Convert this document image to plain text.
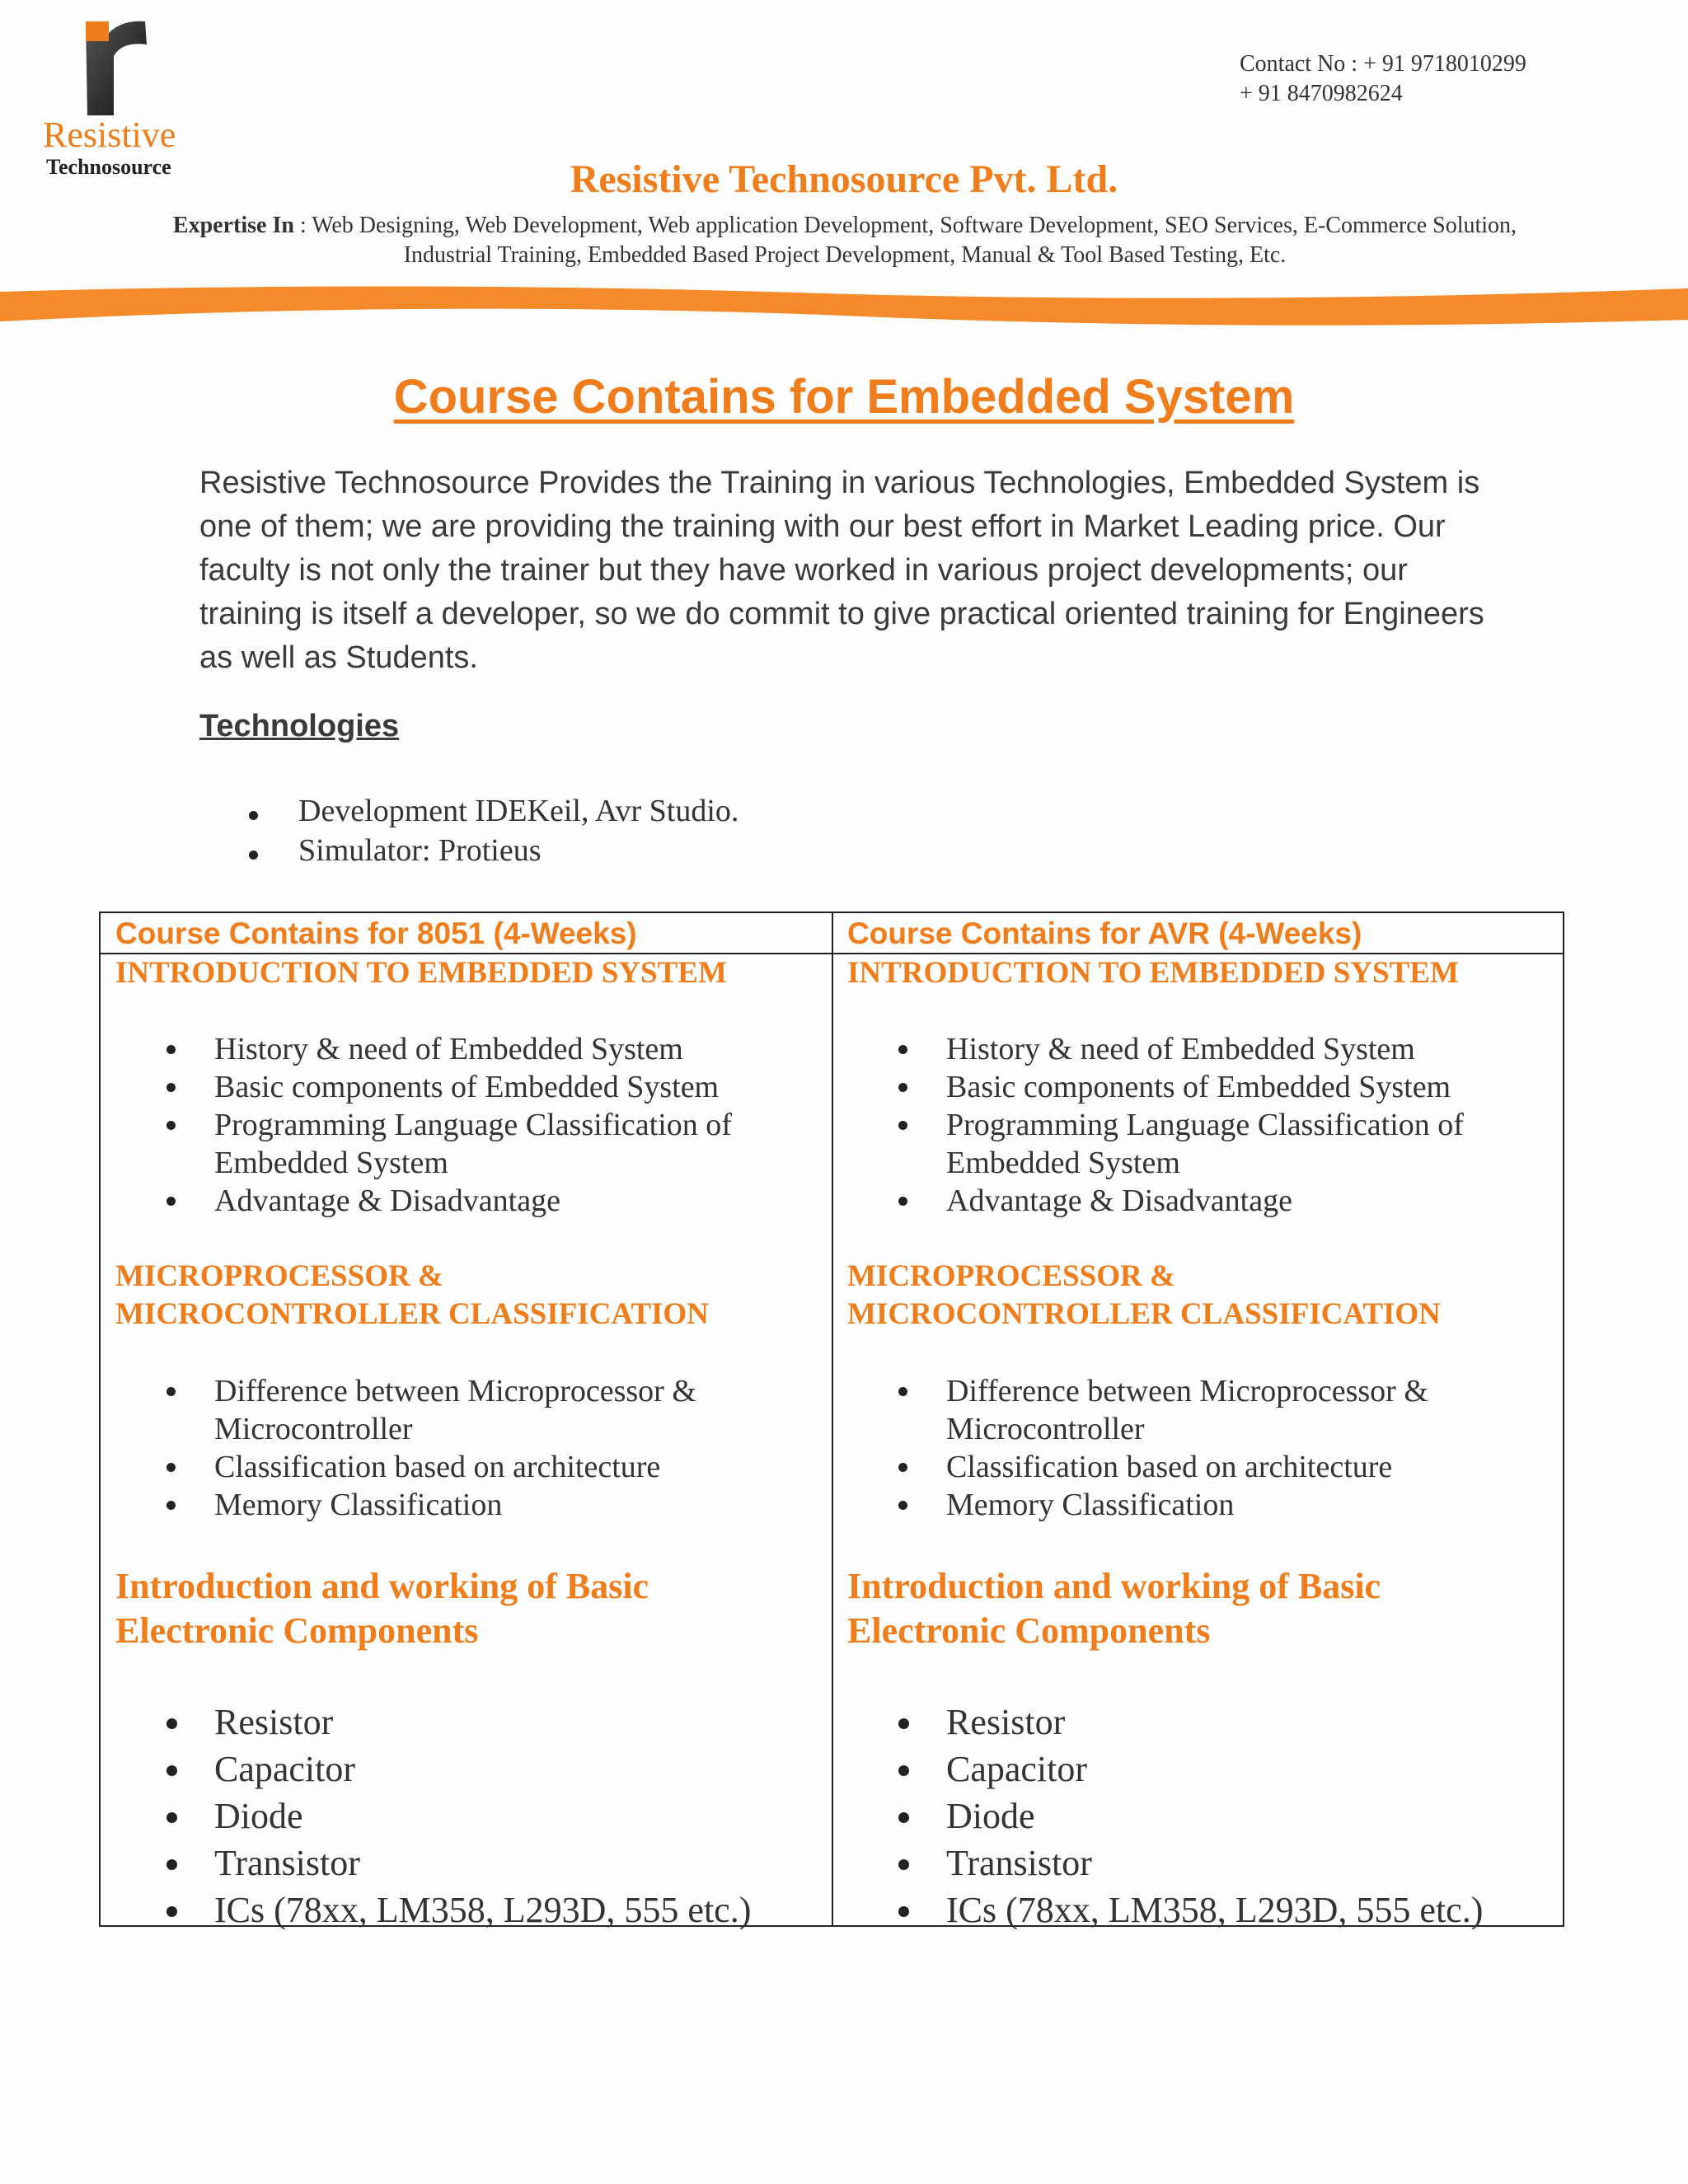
Resistive
Technosource
Contact No : + 91 9718010299
+ 91 8470982624
Resistive Technosource Pvt. Ltd.
Expertise In : Web Designing, Web Development, Web application Development, Software Development, SEO Services, E-Commerce Solution,
Industrial Training, Embedded Based Project Development, Manual & Tool Based Testing, Etc.
Course Contains for Embedded System
Resistive Technosource Provides the Training in various Technologies, Embedded System is one of them; we are providing the training with our best effort in Market Leading price. Our faculty is not only the trainer but they have worked in various project developments; our training is itself a developer, so we do commit to give practical oriented training for Engineers as well as Students.
Technologies
Development IDEKeil, Avr Studio.
Simulator: Protieus
Course Contains for 8051 (4-Weeks)
INTRODUCTION TO EMBEDDED SYSTEM
History & need of Embedded System
Basic components of Embedded System
Programming Language Classification of
Embedded System
Advantage & Disadvantage
MICROPROCESSOR &
MICROCONTROLLER CLASSIFICATION
Difference between Microprocessor &
Microcontroller
Classification based on architecture
Memory Classification
Introduction and working of Basic
Electronic Components
Resistor
Capacitor
Diode
Transistor
ICs (78xx, LM358, L293D, 555 etc.)
Course Contains for AVR (4-Weeks)
INTRODUCTION TO EMBEDDED SYSTEM
History & need of Embedded System
Basic components of Embedded System
Programming Language Classification of
Embedded System
Advantage & Disadvantage
MICROPROCESSOR &
MICROCONTROLLER CLASSIFICATION
Difference between Microprocessor &
Microcontroller
Classification based on architecture
Memory Classification
Introduction and working of Basic
Electronic Components
Resistor
Capacitor
Diode
Transistor
ICs (78xx, LM358, L293D, 555 etc.)
